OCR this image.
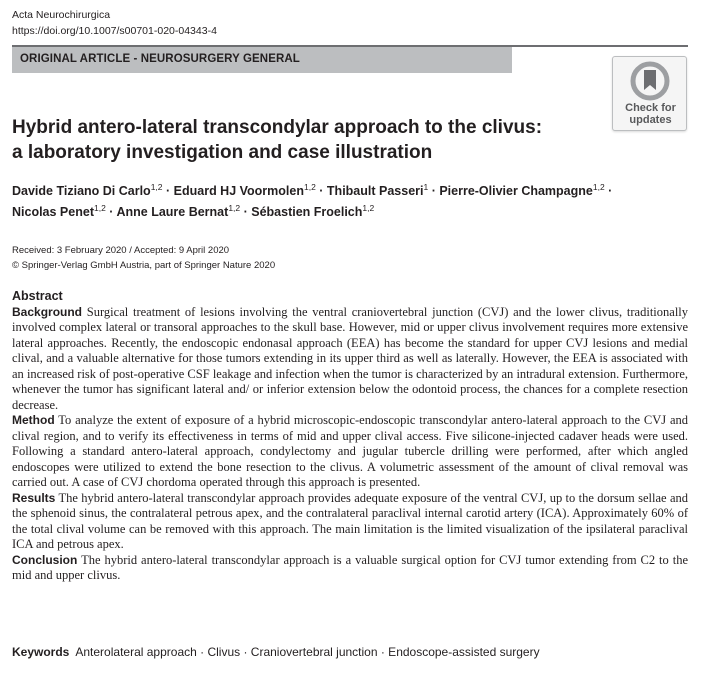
Acta Neurochirurgica
https://doi.org/10.1007/s00701-020-04343-4
ORIGINAL ARTICLE - NEUROSURGERY GENERAL
Check for
updates
Hybrid antero-lateral transcondylar approach to the clivus:
a laboratory investigation and case illustration
Davide Tiziano Di Carlo$^{1,2}$ · Eduard HJ Voormolen$^{1,2}$ · Thibault Passeri$^1$ · Pierre-Olivier Champagne$^{1,2}$ ·
Nicolas Penet$^{1,2}$ · Anne Laure Bernat$^{1,2}$ · Sébastien Froelich$^{1,2}$
Received: 3 February 2020 / Accepted: 9 April 2020
© Springer-Verlag GmbH Austria, part of Springer Nature 2020
Abstract
Background Surgical treatment of lesions involving the ventral craniovertebral junction (CVJ) and the lower clivus, traditionally involved complex lateral or transoral approaches to the skull base. However, mid or upper clivus involvement requires more extensive lateral approaches. Recently, the endoscopic endonasal approach (EEA) has become the standard for upper CVJ lesions and medial clival, and a valuable alternative for those tumors extending in its upper third as well as laterally. However, the EEA is associated with an increased risk of post-operative CSF leakage and infection when the tumor is characterized by an intradural extension. Furthermore, whenever the tumor has significant lateral and/ or inferior extension below the odontoid process, the chances for a complete resection decrease.
Method To analyze the extent of exposure of a hybrid microscopic-endoscopic transcondylar antero-lateral approach to the CVJ and clival region, and to verify its effectiveness in terms of mid and upper clival access. Five silicone-injected cadaver heads were used. Following a standard antero-lateral approach, condylectomy and jugular tubercle drilling were performed, after which angled endoscopes were utilized to extend the bone resection to the clivus. A volumetric assessment of the amount of clival removal was carried out. A case of CVJ chordoma operated through this approach is presented.
Results The hybrid antero-lateral transcondylar approach provides adequate exposure of the ventral CVJ, up to the dorsum sellae and the sphenoid sinus, the contralateral petrous apex, and the contralateral paraclival internal carotid artery (ICA). Approximately 60% of the total clival volume can be removed with this approach. The main limitation is the limited visualization of the ipsilateral paraclival ICA and petrous apex.
Conclusion The hybrid antero-lateral transcondylar approach is a valuable surgical option for CVJ tumor extending from C2 to the mid and upper clivus.
Keywords Anterolateral approach · Clivus · Craniovertebral junction · Endoscope-assisted surgery
